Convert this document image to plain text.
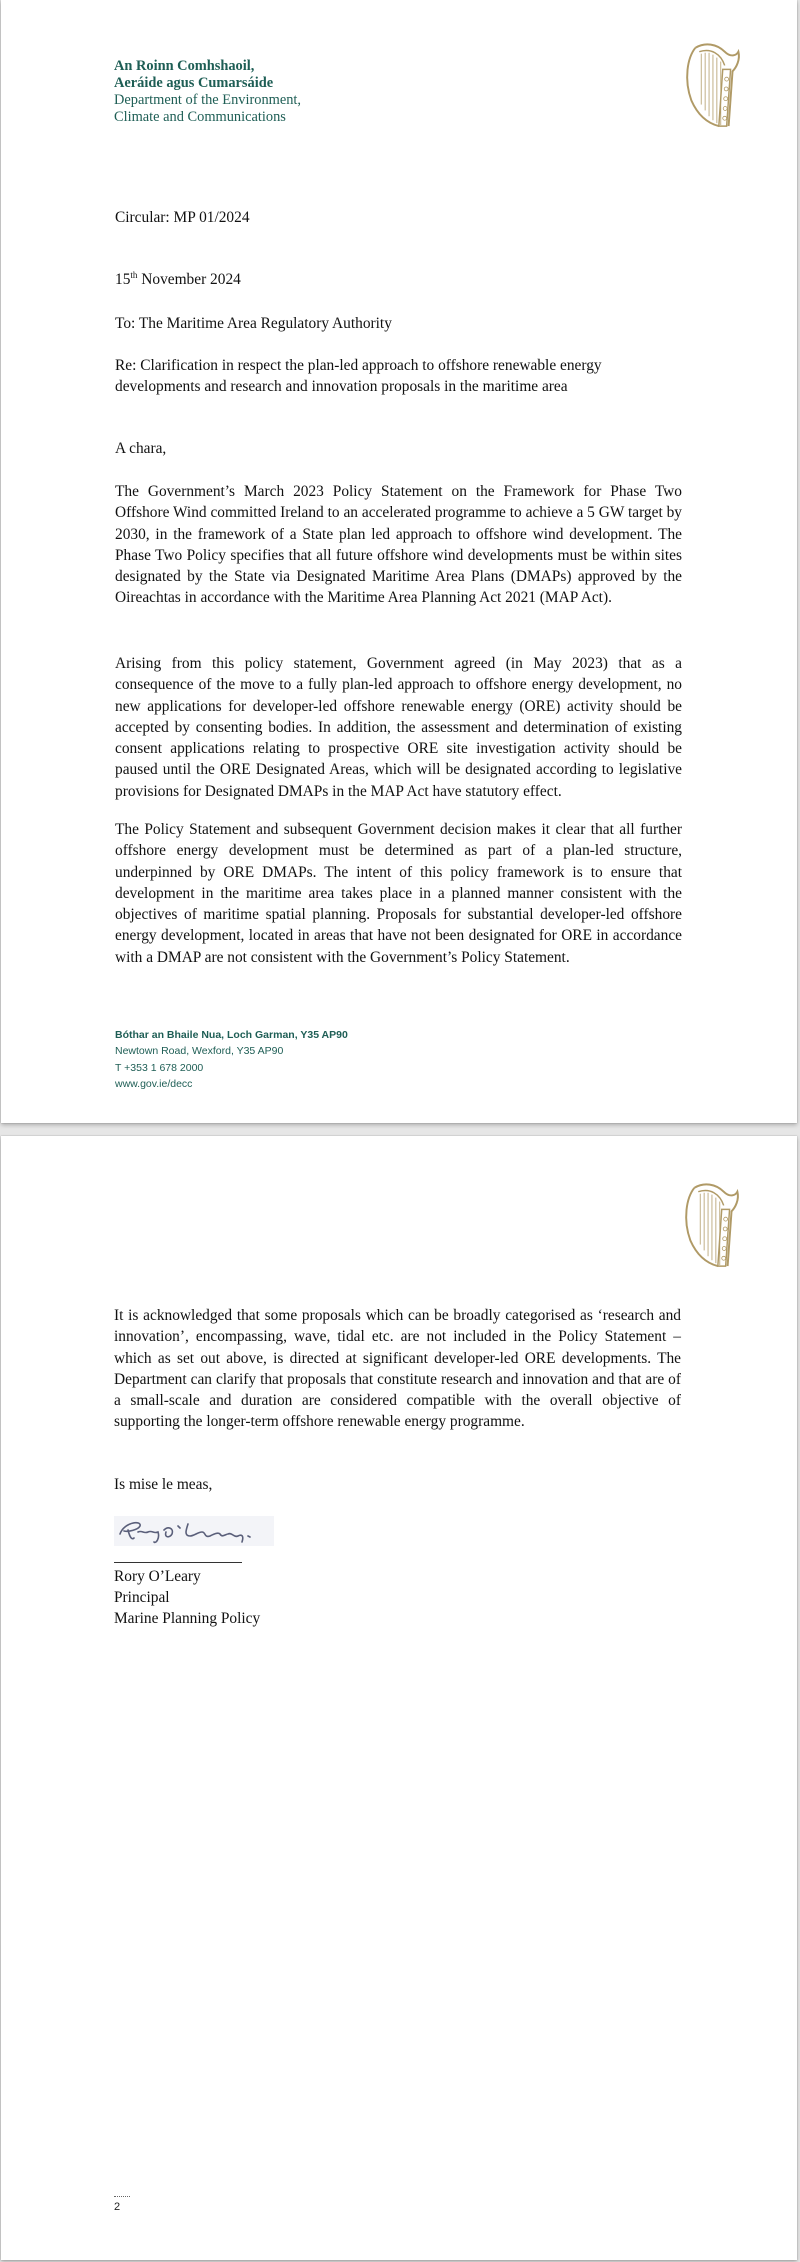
An Roinn Comhshaoil,
Aeráide agus Cumarsáide
Department of the Environment,
Climate and Communications
Circular: MP 01/2024
15th November 2024
To: The Maritime Area Regulatory Authority
Re: Clarification in respect the plan-led approach to offshore renewable energy
developments and research and innovation proposals in the maritime area
A chara,
The Government’s March 2023 Policy Statement on the Framework for Phase Two Offshore Wind committed Ireland to an accelerated programme to achieve a 5 GW target by 2030, in the framework of a State plan led approach to offshore wind development. The Phase Two Policy specifies that all future offshore wind developments must be within sites designated by the State via Designated Maritime Area Plans (DMAPs) approved by the Oireachtas in accordance with the Maritime Area Planning Act 2021 (MAP Act).
Arising from this policy statement, Government agreed (in May 2023) that as a consequence of the move to a fully plan-led approach to offshore energy development, no new applications for developer-led offshore renewable energy (ORE) activity should be accepted by consenting bodies. In addition, the assessment and determination of existing consent applications relating to prospective ORE site investigation activity should be paused until the ORE Designated Areas, which will be designated according to legislative provisions for Designated DMAPs in the MAP Act have statutory effect.
The Policy Statement and subsequent Government decision makes it clear that all further offshore energy development must be determined as part of a plan-led structure, underpinned by ORE DMAPs. The intent of this policy framework is to ensure that development in the maritime area takes place in a planned manner consistent with the objectives of maritime spatial planning. Proposals for substantial developer-led offshore energy development, located in areas that have not been designated for ORE in accordance with a DMAP are not consistent with the Government’s Policy Statement.
Bóthar an Bhaile Nua, Loch Garman, Y35 AP90
Newtown Road, Wexford, Y35 AP90
T +353 1 678 2000
www.gov.ie/decc
It is acknowledged that some proposals which can be broadly categorised as ‘research and innovation’, encompassing, wave, tidal etc. are not included in the Policy Statement – which as set out above, is directed at significant developer-led ORE developments. The Department can clarify that proposals that constitute research and innovation and that are of a small-scale and duration are considered compatible with the overall objective of supporting the longer-term offshore renewable energy programme.
Is mise le meas,
Rory O’Leary
Principal
Marine Planning Policy
2
